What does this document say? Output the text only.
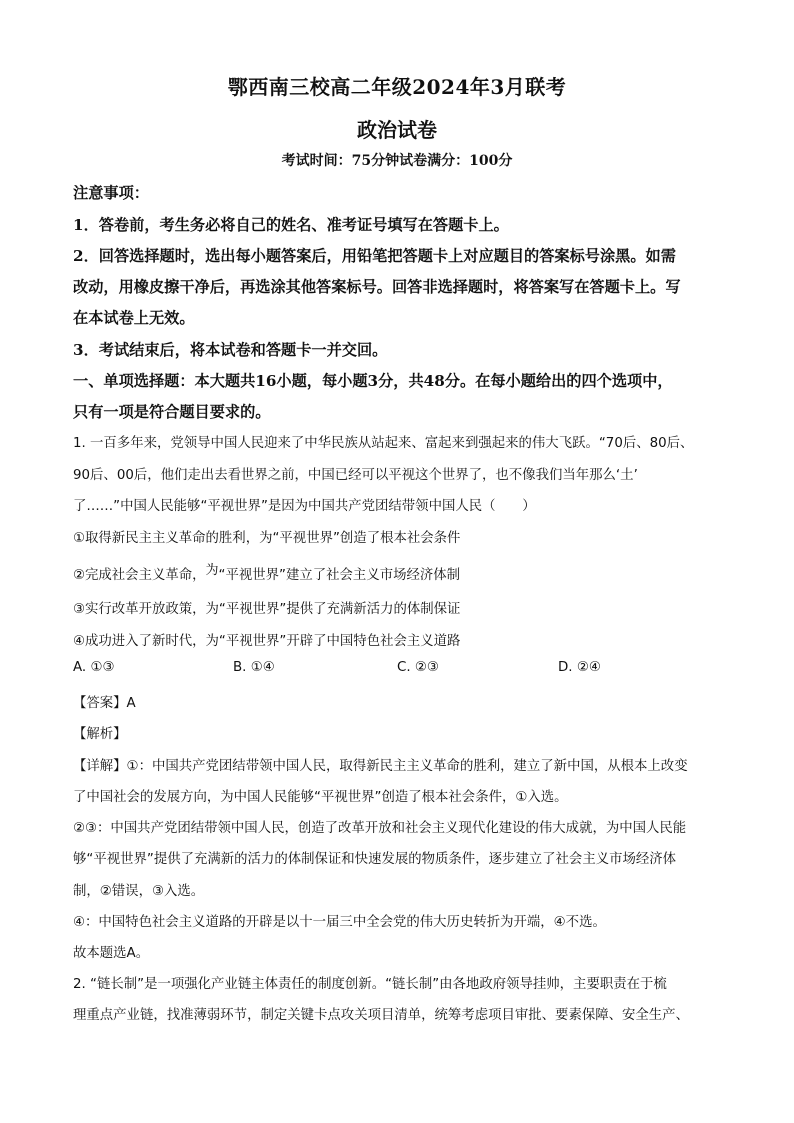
鄂西南三校高二年级2024年3月联考
政治试卷
考试时间：75分钟试卷满分：100分
注意事项：
1．答卷前，考生务必将自己的姓名、准考证号填写在答题卡上。
2．回答选择题时，选出每小题答案后，用铅笔把答题卡上对应题目的答案标号涂黑。如需
改动，用橡皮擦干净后，再选涂其他答案标号。回答非选择题时，将答案写在答题卡上。写
在本试卷上无效。
3．考试结束后，将本试卷和答题卡一并交回。
一、单项选择题：本大题共16小题，每小题3分，共48分。在每小题给出的四个选项中，
只有一项是符合题目要求的。
1. 一百多年来，党领导中国人民迎来了中华民族从站起来、富起来到强起来的伟大飞跃。“70后、80后、
90后、00后，他们走出去看世界之前，中国已经可以平视这个世界了，也不像我们当年那么‘土’
了……”中国人民能够“平视世界”是因为中国共产党团结带领中国人民（　　）
①取得新民主主义革命的胜利，为“平视世界”创造了根本社会条件
②完成社会主义革命，为“平视世界”建立了社会主义市场经济体制
③实行改革开放政策，为“平视世界”提供了充满新活力的体制保证
④成功进入了新时代，为“平视世界”开辟了中国特色社会主义道路
A. ①③	B. ①④	C. ②③	D. ②④
【答案】A
【解析】
【详解】①：中国共产党团结带领中国人民，取得新民主主义革命的胜利，建立了新中国，从根本上改变
了中国社会的发展方向，为中国人民能够“平视世界”创造了根本社会条件，①入选。
②③：中国共产党团结带领中国人民，创造了改革开放和社会主义现代化建设的伟大成就，为中国人民能
够“平视世界”提供了充满新的活力的体制保证和快速发展的物质条件，逐步建立了社会主义市场经济体
制，②错误，③入选。
④：中国特色社会主义道路的开辟是以十一届三中全会党的伟大历史转折为开端，④不选。
故本题选A。
2. “链长制”是一项强化产业链主体责任的制度创新。“链长制”由各地政府领导挂帅，主要职责在于梳
理重点产业链，找准薄弱环节，制定关键卡点攻关项目清单，统筹考虑项目审批、要素保障、安全生产、
